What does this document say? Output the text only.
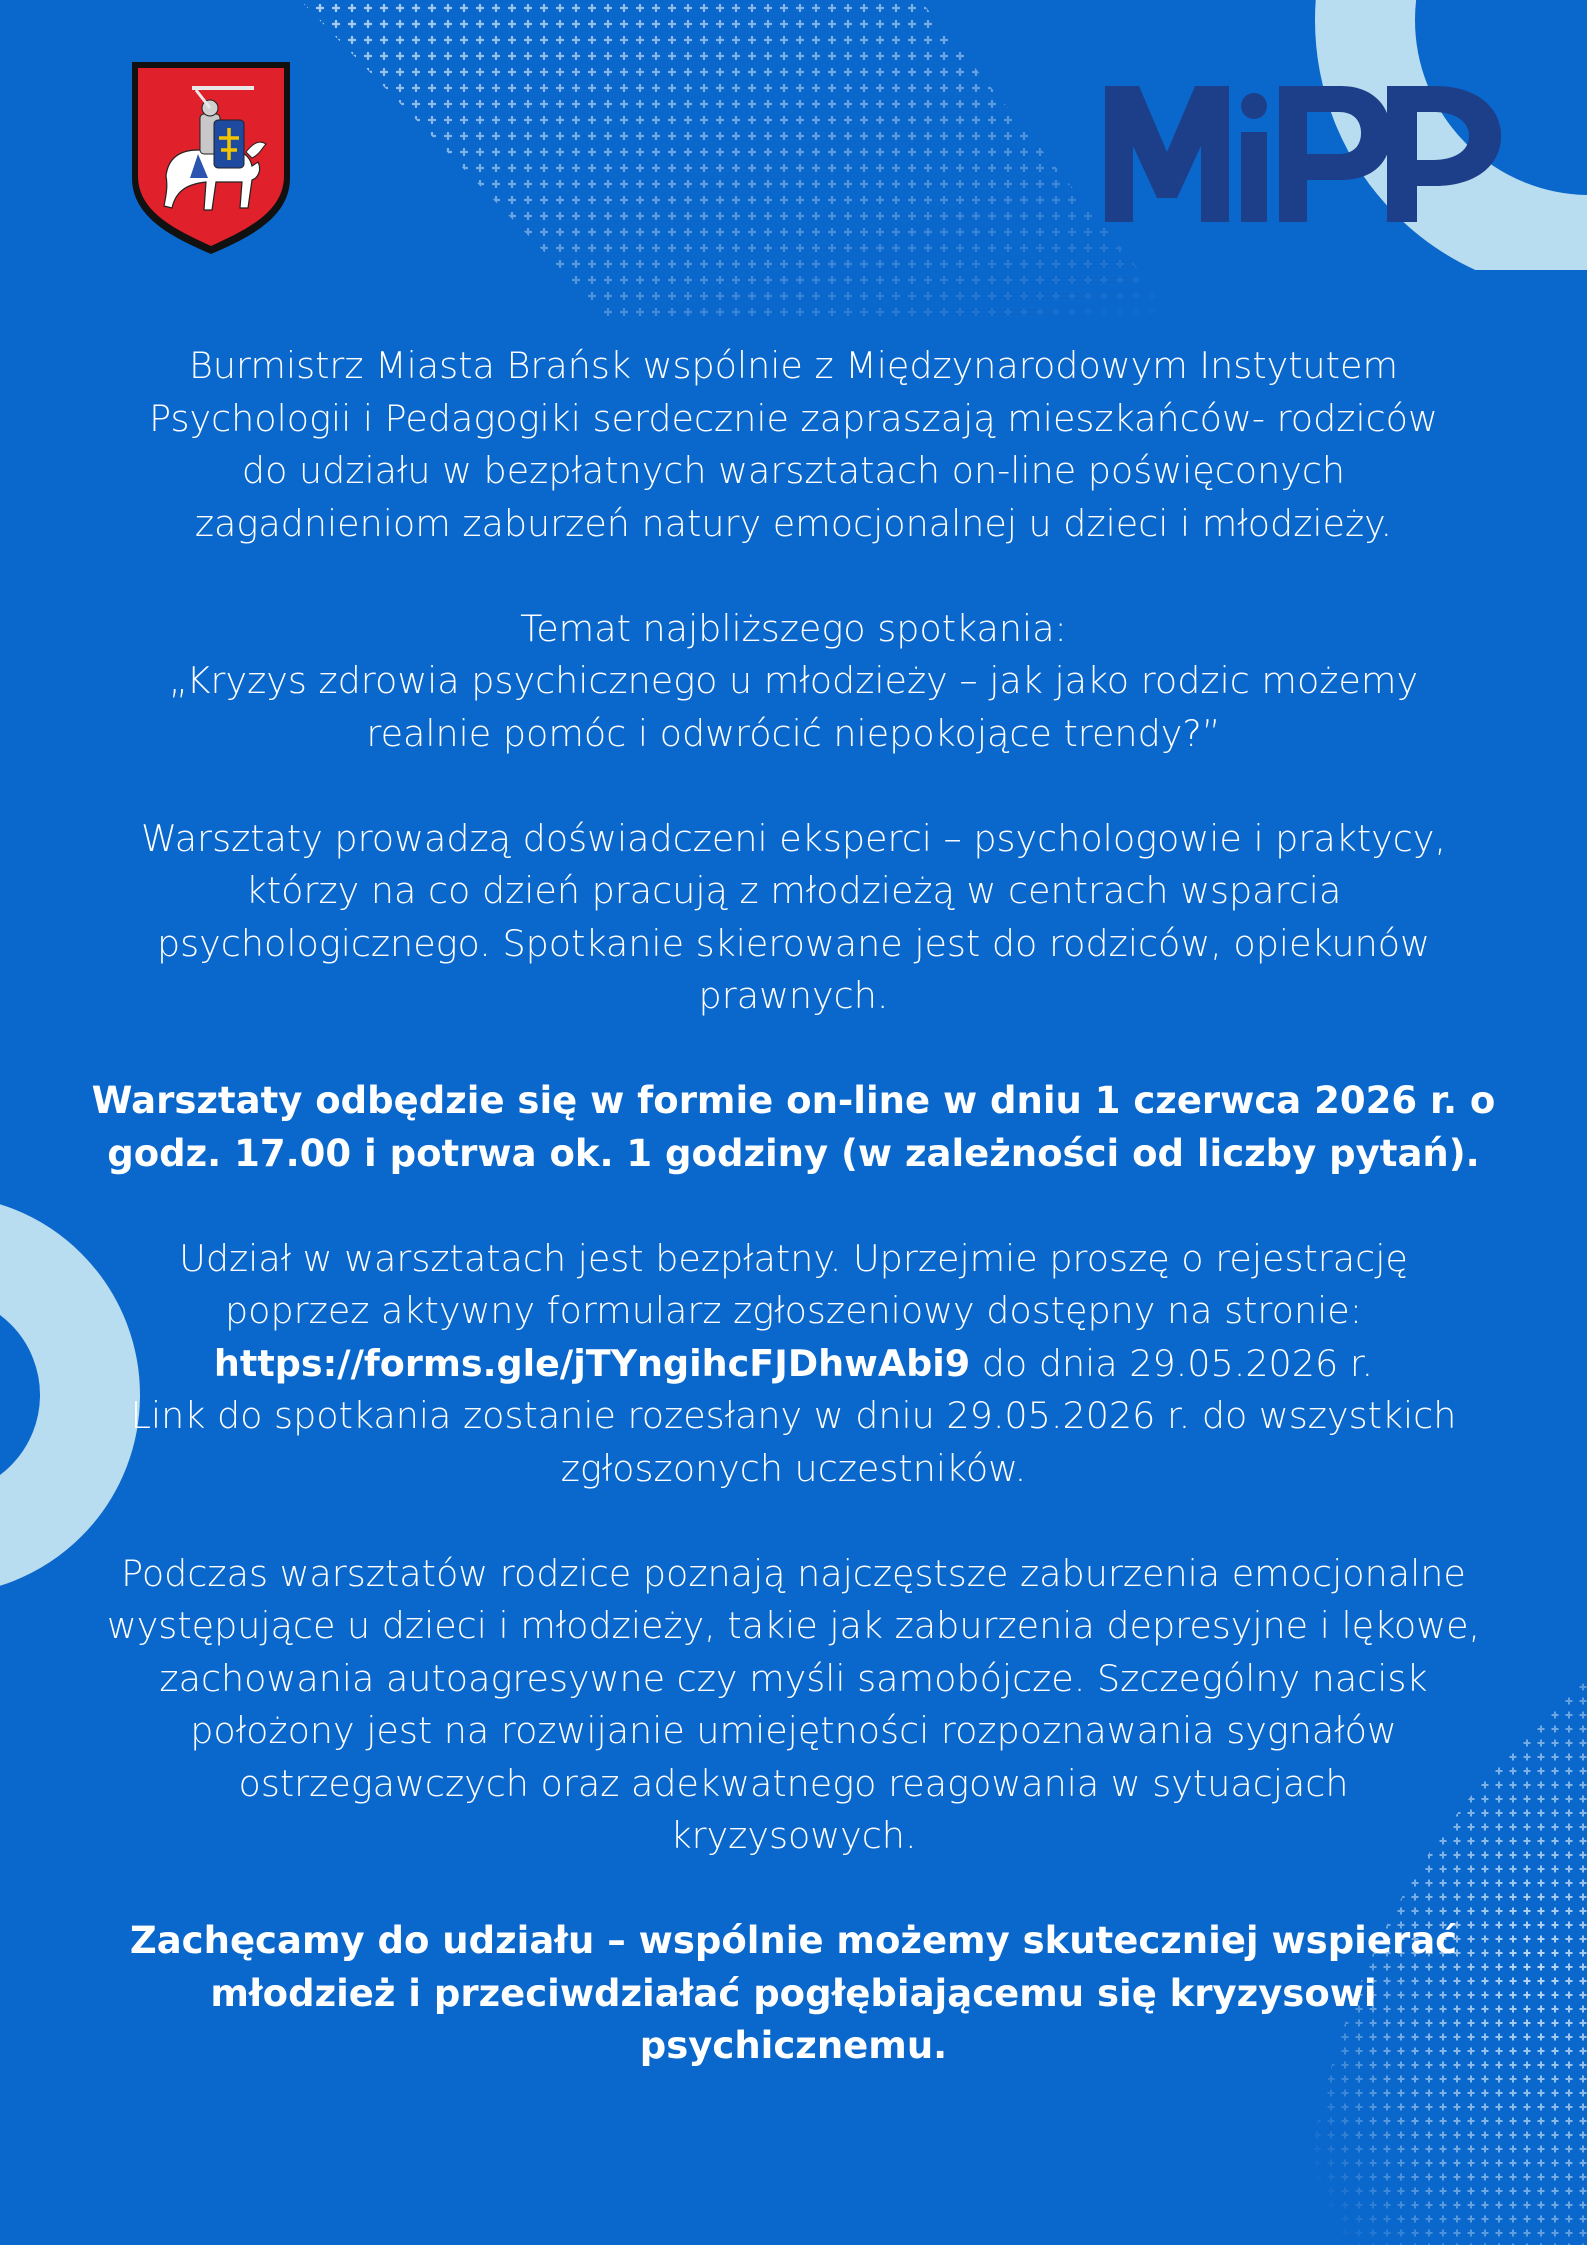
Burmistrz Miasta Brańsk wspólnie z Międzynarodowym Instytutem
Psychologii i Pedagogiki serdecznie zapraszają mieszkańców- rodziców
do udziału w bezpłatnych warsztatach on-line poświęconych
zagadnieniom zaburzeń natury emocjonalnej u dzieci i młodzieży.

Temat najbliższego spotkania:
„Kryzys zdrowia psychicznego u młodzieży – jak jako rodzic możemy
realnie pomóc i odwrócić niepokojące trendy?”

Warsztaty prowadzą doświadczeni eksperci – psychologowie i praktycy,
którzy na co dzień pracują z młodzieżą w centrach wsparcia
psychologicznego. Spotkanie skierowane jest do rodziców, opiekunów
prawnych.

Warsztaty odbędzie się w formie on-line w dniu 1 czerwca 2026 r. o
godz. 17.00 i potrwa ok. 1 godziny (w zależności od liczby pytań).

Udział w warsztatach jest bezpłatny. Uprzejmie proszę o rejestrację
poprzez aktywny formularz zgłoszeniowy dostępny na stronie:
https://forms.gle/jTYngihcFJDhwAbi9 do dnia 29.05.2026 r.
Link do spotkania zostanie rozesłany w dniu 29.05.2026 r. do wszystkich
zgłoszonych uczestników.

Podczas warsztatów rodzice poznają najczęstsze zaburzenia emocjonalne
występujące u dzieci i młodzieży, takie jak zaburzenia depresyjne i lękowe,
zachowania autoagresywne czy myśli samobójcze. Szczególny nacisk
położony jest na rozwijanie umiejętności rozpoznawania sygnałów
ostrzegawczych oraz adekwatnego reagowania w sytuacjach
kryzysowych.

Zachęcamy do udziału – wspólnie możemy skuteczniej wspierać
młodzież i przeciwdziałać pogłębiającemu się kryzysowi psychicznemu.
